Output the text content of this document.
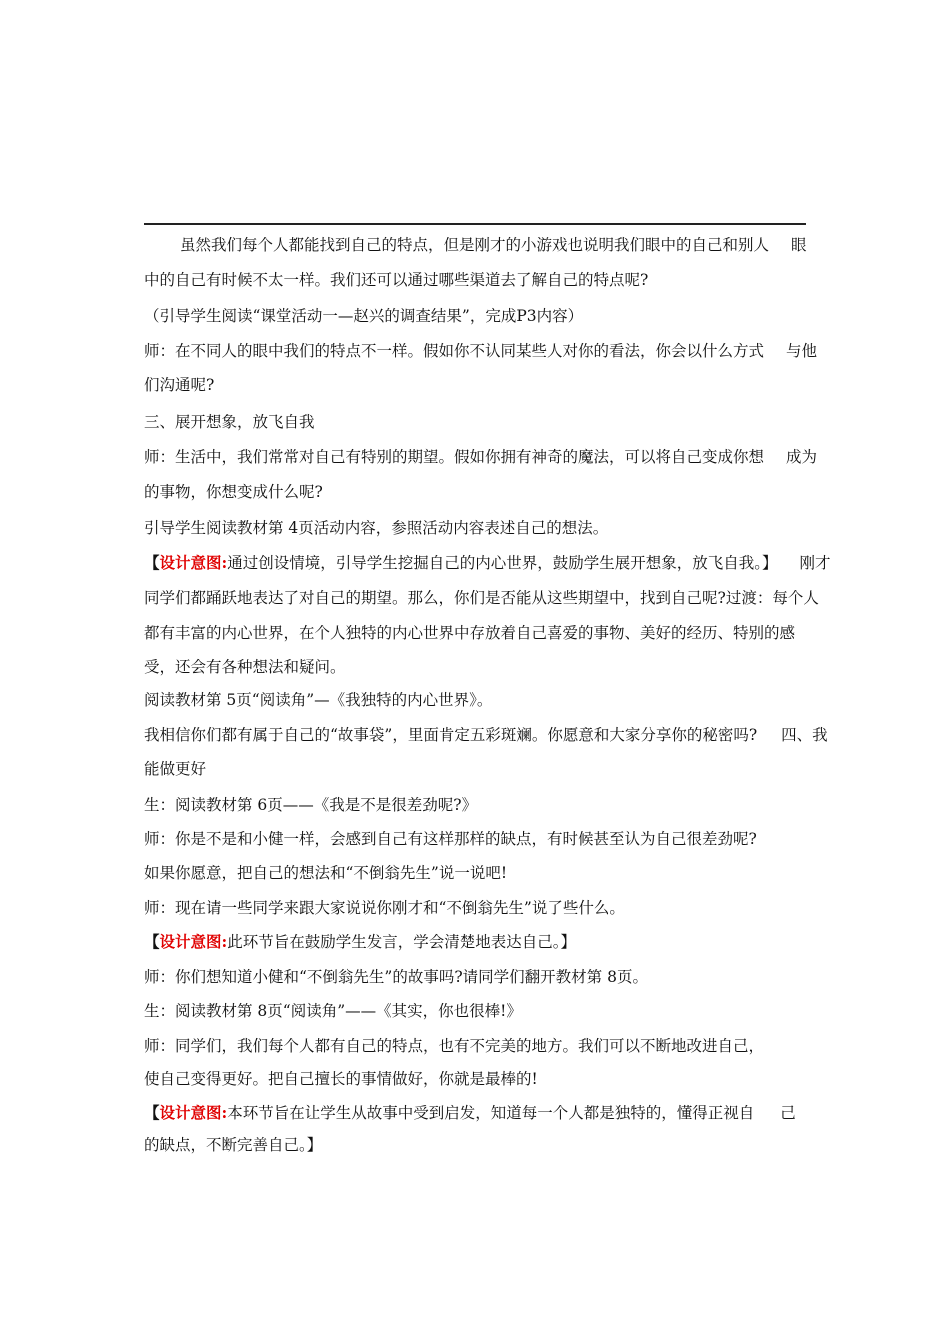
虽然我们每个人都能找到自己的特点，但是刚才的小游戏也说明我们眼中的自己和别人 眼
中的自己有时候不太一样。我们还可以通过哪些渠道去了解自己的特点呢?
（引导学生阅读“课堂活动一—赵兴的调查结果”，完成P3内容）
师：在不同人的眼中我们的特点不一样。假如你不认同某些人对你的看法，你会以什么方式 与他
们沟通呢?
三、展开想象，放飞自我
师：生活中，我们常常对自己有特别的期望。假如你拥有神奇的魔法，可以将自己变成你想 成为
的事物，你想变成什么呢?
引导学生阅读教材第 4页活动内容，参照活动内容表述自己的想法。
【设计意图:通过创设情境，引导学生挖掘自己的内心世界，鼓励学生展开想象，放飞自我。】 刚才
同学们都踊跃地表达了对自己的期望。那么，你们是否能从这些期望中，找到自己呢?过渡：每个人
都有丰富的内心世界，在个人独特的内心世界中存放着自己喜爱的事物、美好的经历、特别的感
受，还会有各种想法和疑问。
阅读教材第 5页“阅读角”—《我独特的内心世界》。
我相信你们都有属于自己的“故事袋”，里面肯定五彩斑斓。你愿意和大家分享你的秘密吗? 四、我
能做更好
生：阅读教材第 6页——《我是不是很差劲呢?》
师：你是不是和小健一样，会感到自己有这样那样的缺点，有时候甚至认为自己很差劲呢?
如果你愿意，把自己的想法和“不倒翁先生”说一说吧!
师：现在请一些同学来跟大家说说你刚才和“不倒翁先生”说了些什么。
【设计意图:此环节旨在鼓励学生发言，学会清楚地表达自己。】
师：你们想知道小健和“不倒翁先生”的故事吗?请同学们翻开教材第 8页。
生：阅读教材第 8页“阅读角”——《其实，你也很棒!》
师：同学们，我们每个人都有自己的特点，也有不完美的地方。我们可以不断地改进自己，
使自己变得更好。把自己擅长的事情做好，你就是最棒的!
【设计意图:本环节旨在让学生从故事中受到启发，知道每一个人都是独特的，懂得正视自 己
的缺点，不断完善自己。】
